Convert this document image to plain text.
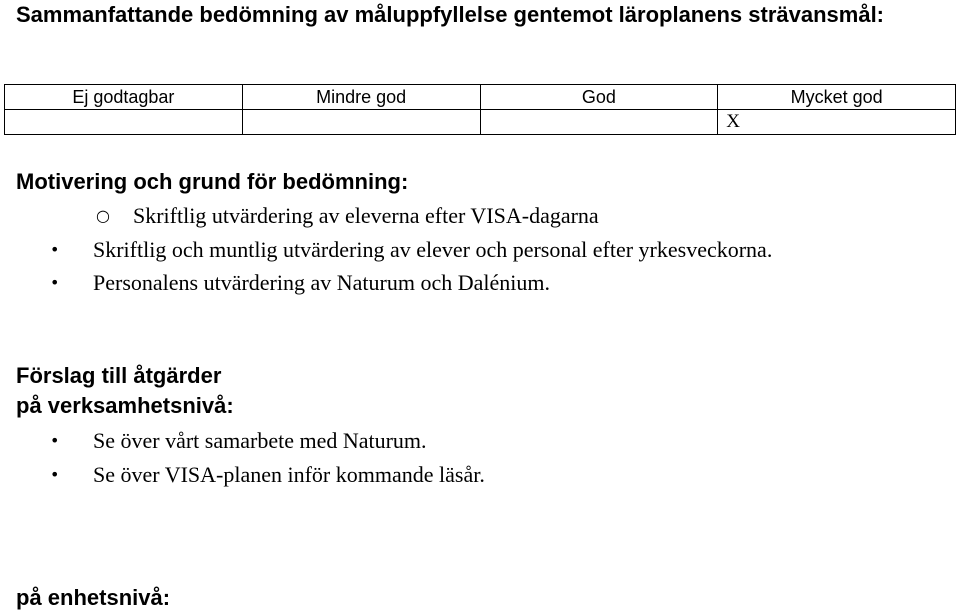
Sammanfattande bedömning av måluppfyllelse gentemot läroplanens strävansmål:
Ej godtagbar	Mindre god	God	Mycket god
			X
Motivering och grund för bedömning:
○ Skriftlig utvärdering av eleverna efter VISA-dagarna
• Skriftlig och muntlig utvärdering av elever och personal efter yrkesveckorna.
• Personalens utvärdering av Naturum och Dalénium.
Förslag till åtgärder
på verksamhetsnivå:
• Se över vårt samarbete med Naturum.
• Se över VISA-planen inför kommande läsår.
på enhetsnivå:
